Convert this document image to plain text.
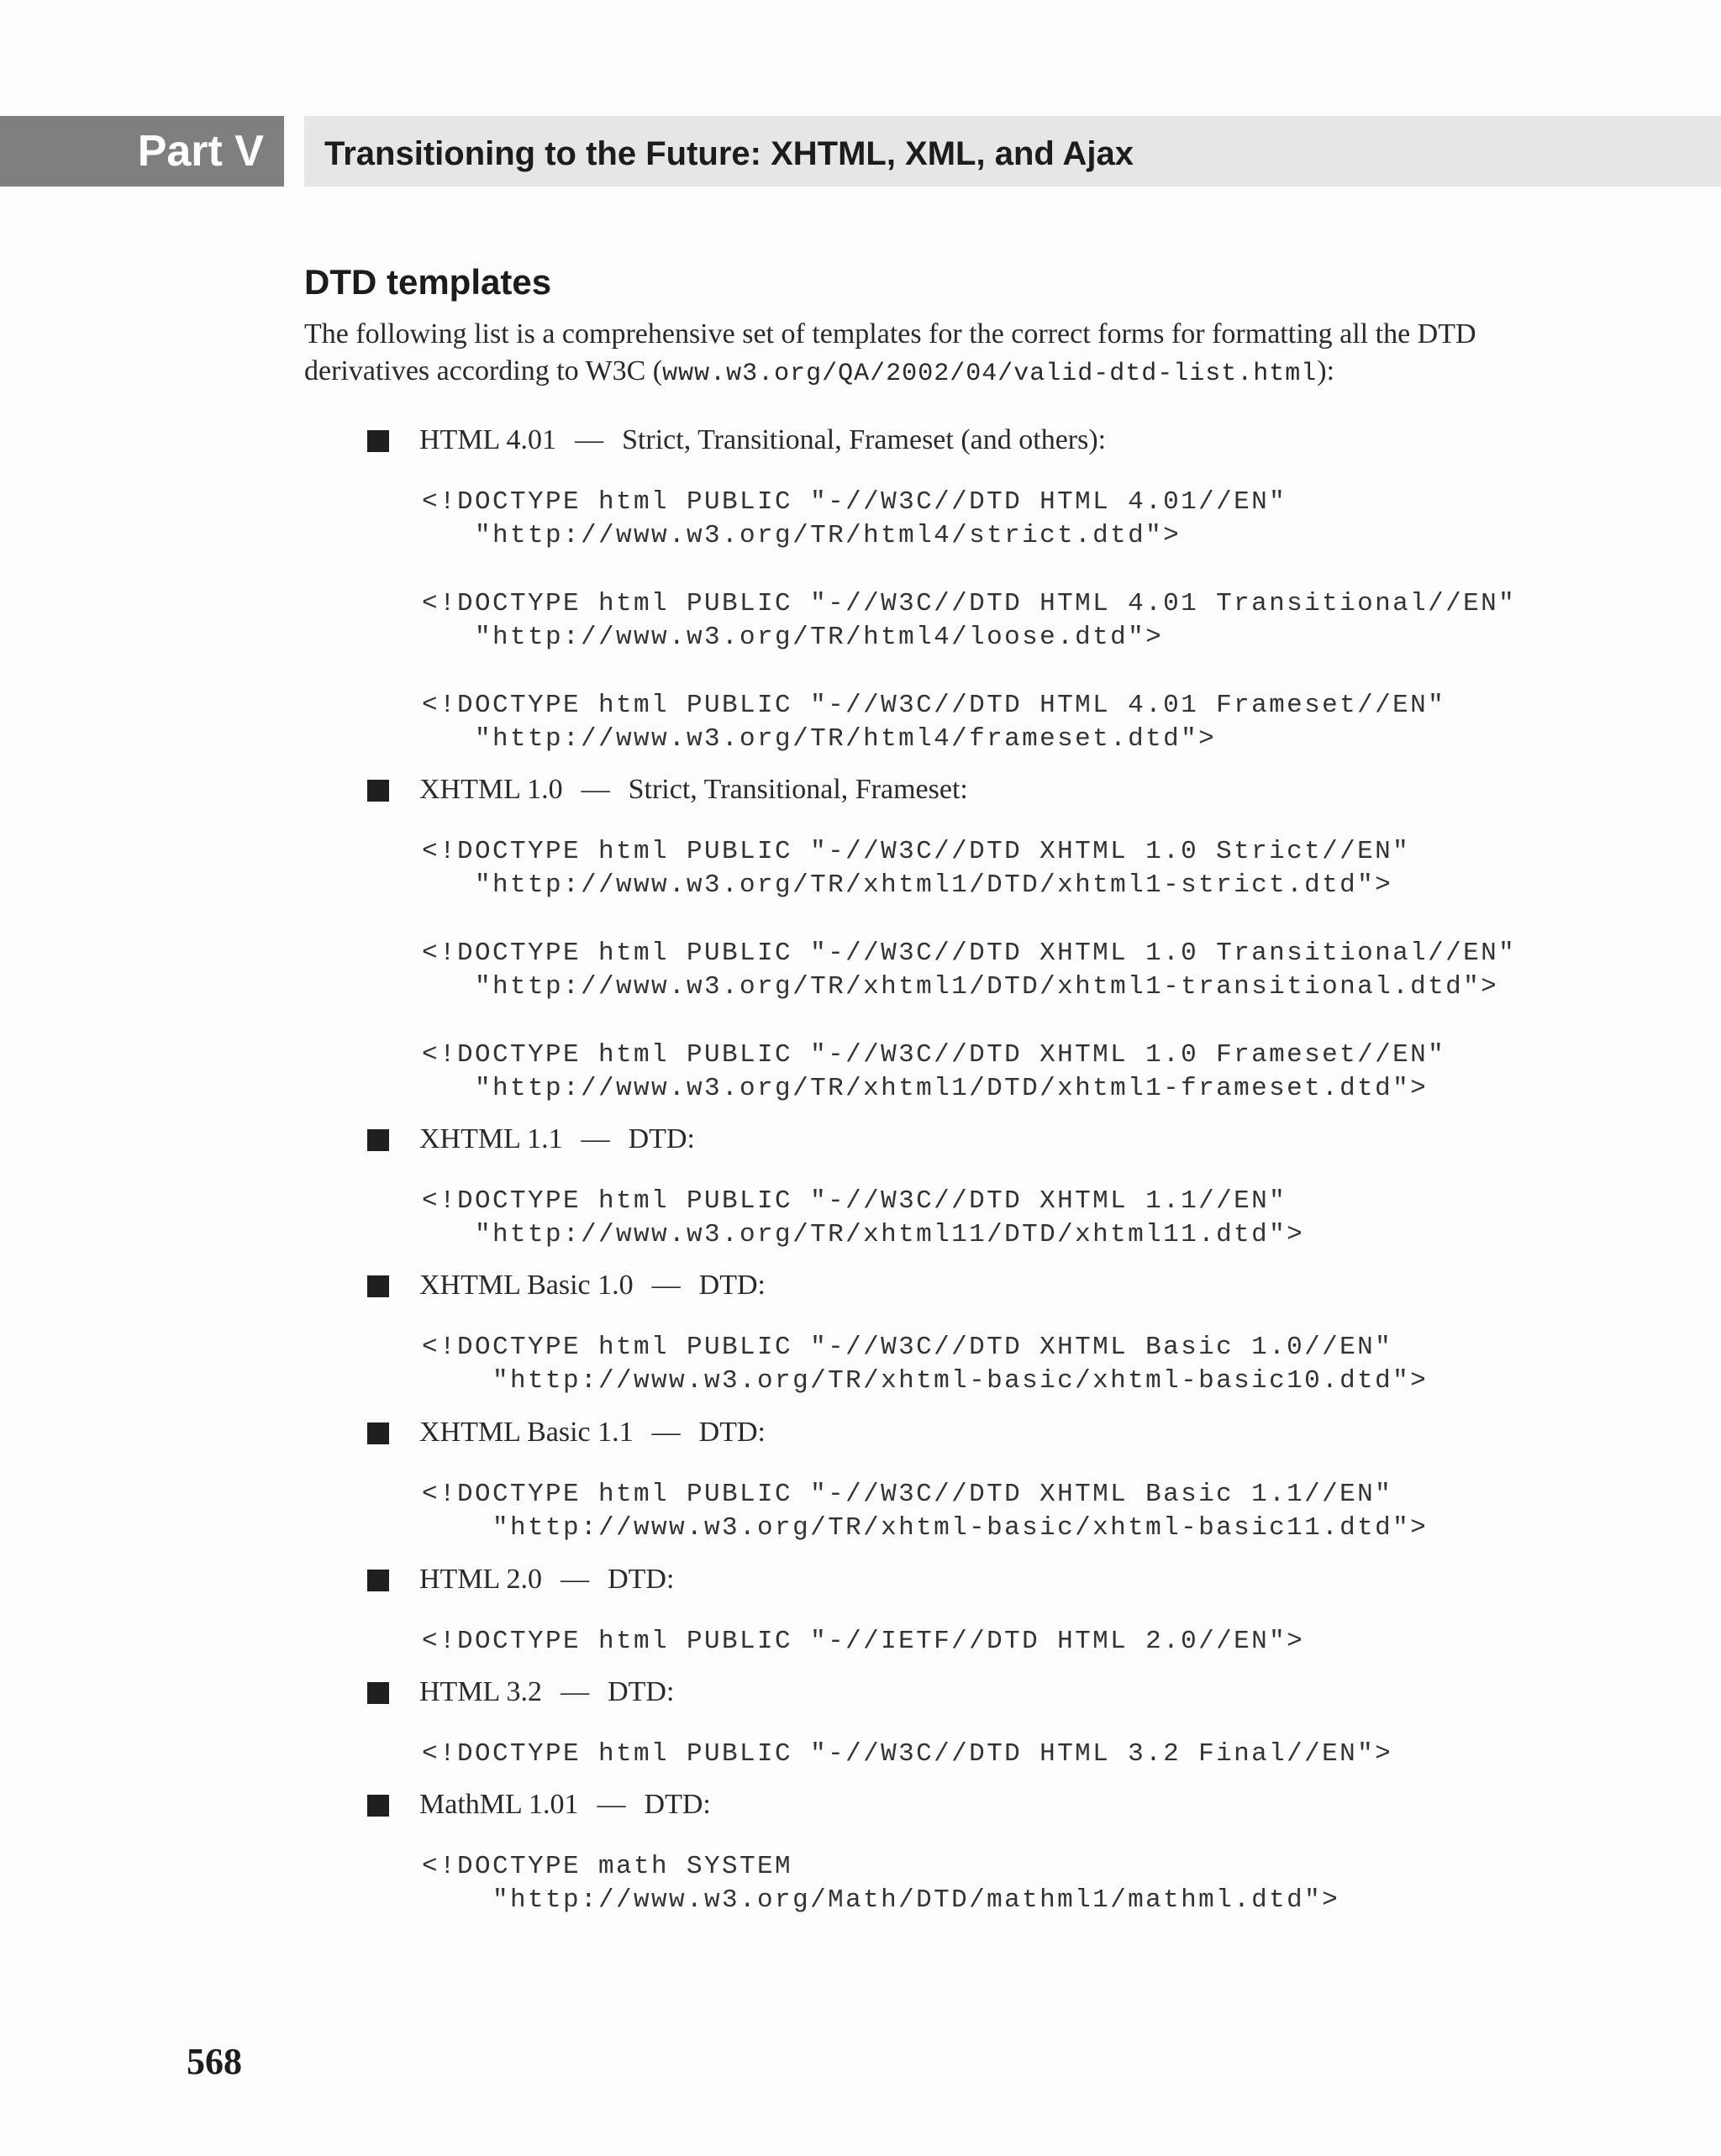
Part V	Transitioning to the Future: XHTML, XML, and Ajax
DTD templates

The following list is a comprehensive set of templates for the correct forms for formatting all the DTD derivatives according to W3C (www.w3.org/QA/2002/04/valid-dtd-list.html):

HTML 4.01 — Strict, Transitional, Frameset (and others):
<!DOCTYPE html PUBLIC "-//W3C//DTD HTML 4.01//EN"
"http://www.w3.org/TR/html4/strict.dtd">
<!DOCTYPE html PUBLIC "-//W3C//DTD HTML 4.01 Transitional//EN"
"http://www.w3.org/TR/html4/loose.dtd">
<!DOCTYPE html PUBLIC "-//W3C//DTD HTML 4.01 Frameset//EN"
"http://www.w3.org/TR/html4/frameset.dtd">
XHTML 1.0 — Strict, Transitional, Frameset:
<!DOCTYPE html PUBLIC "-//W3C//DTD XHTML 1.0 Strict//EN"
"http://www.w3.org/TR/xhtml1/DTD/xhtml1-strict.dtd">
<!DOCTYPE html PUBLIC "-//W3C//DTD XHTML 1.0 Transitional//EN"
"http://www.w3.org/TR/xhtml1/DTD/xhtml1-transitional.dtd">
<!DOCTYPE html PUBLIC "-//W3C//DTD XHTML 1.0 Frameset//EN"
"http://www.w3.org/TR/xhtml1/DTD/xhtml1-frameset.dtd">
XHTML 1.1 — DTD:
<!DOCTYPE html PUBLIC "-//W3C//DTD XHTML 1.1//EN"
"http://www.w3.org/TR/xhtml11/DTD/xhtml11.dtd">
XHTML Basic 1.0 — DTD:
<!DOCTYPE html PUBLIC "-//W3C//DTD XHTML Basic 1.0//EN"
"http://www.w3.org/TR/xhtml-basic/xhtml-basic10.dtd">
XHTML Basic 1.1 — DTD:
<!DOCTYPE html PUBLIC "-//W3C//DTD XHTML Basic 1.1//EN"
"http://www.w3.org/TR/xhtml-basic/xhtml-basic11.dtd">
HTML 2.0 — DTD:
<!DOCTYPE html PUBLIC "-//IETF//DTD HTML 2.0//EN">
HTML 3.2 — DTD:
<!DOCTYPE html PUBLIC "-//W3C//DTD HTML 3.2 Final//EN">
MathML 1.01 — DTD:
<!DOCTYPE math SYSTEM
"http://www.w3.org/Math/DTD/mathml1/mathml.dtd">
568
